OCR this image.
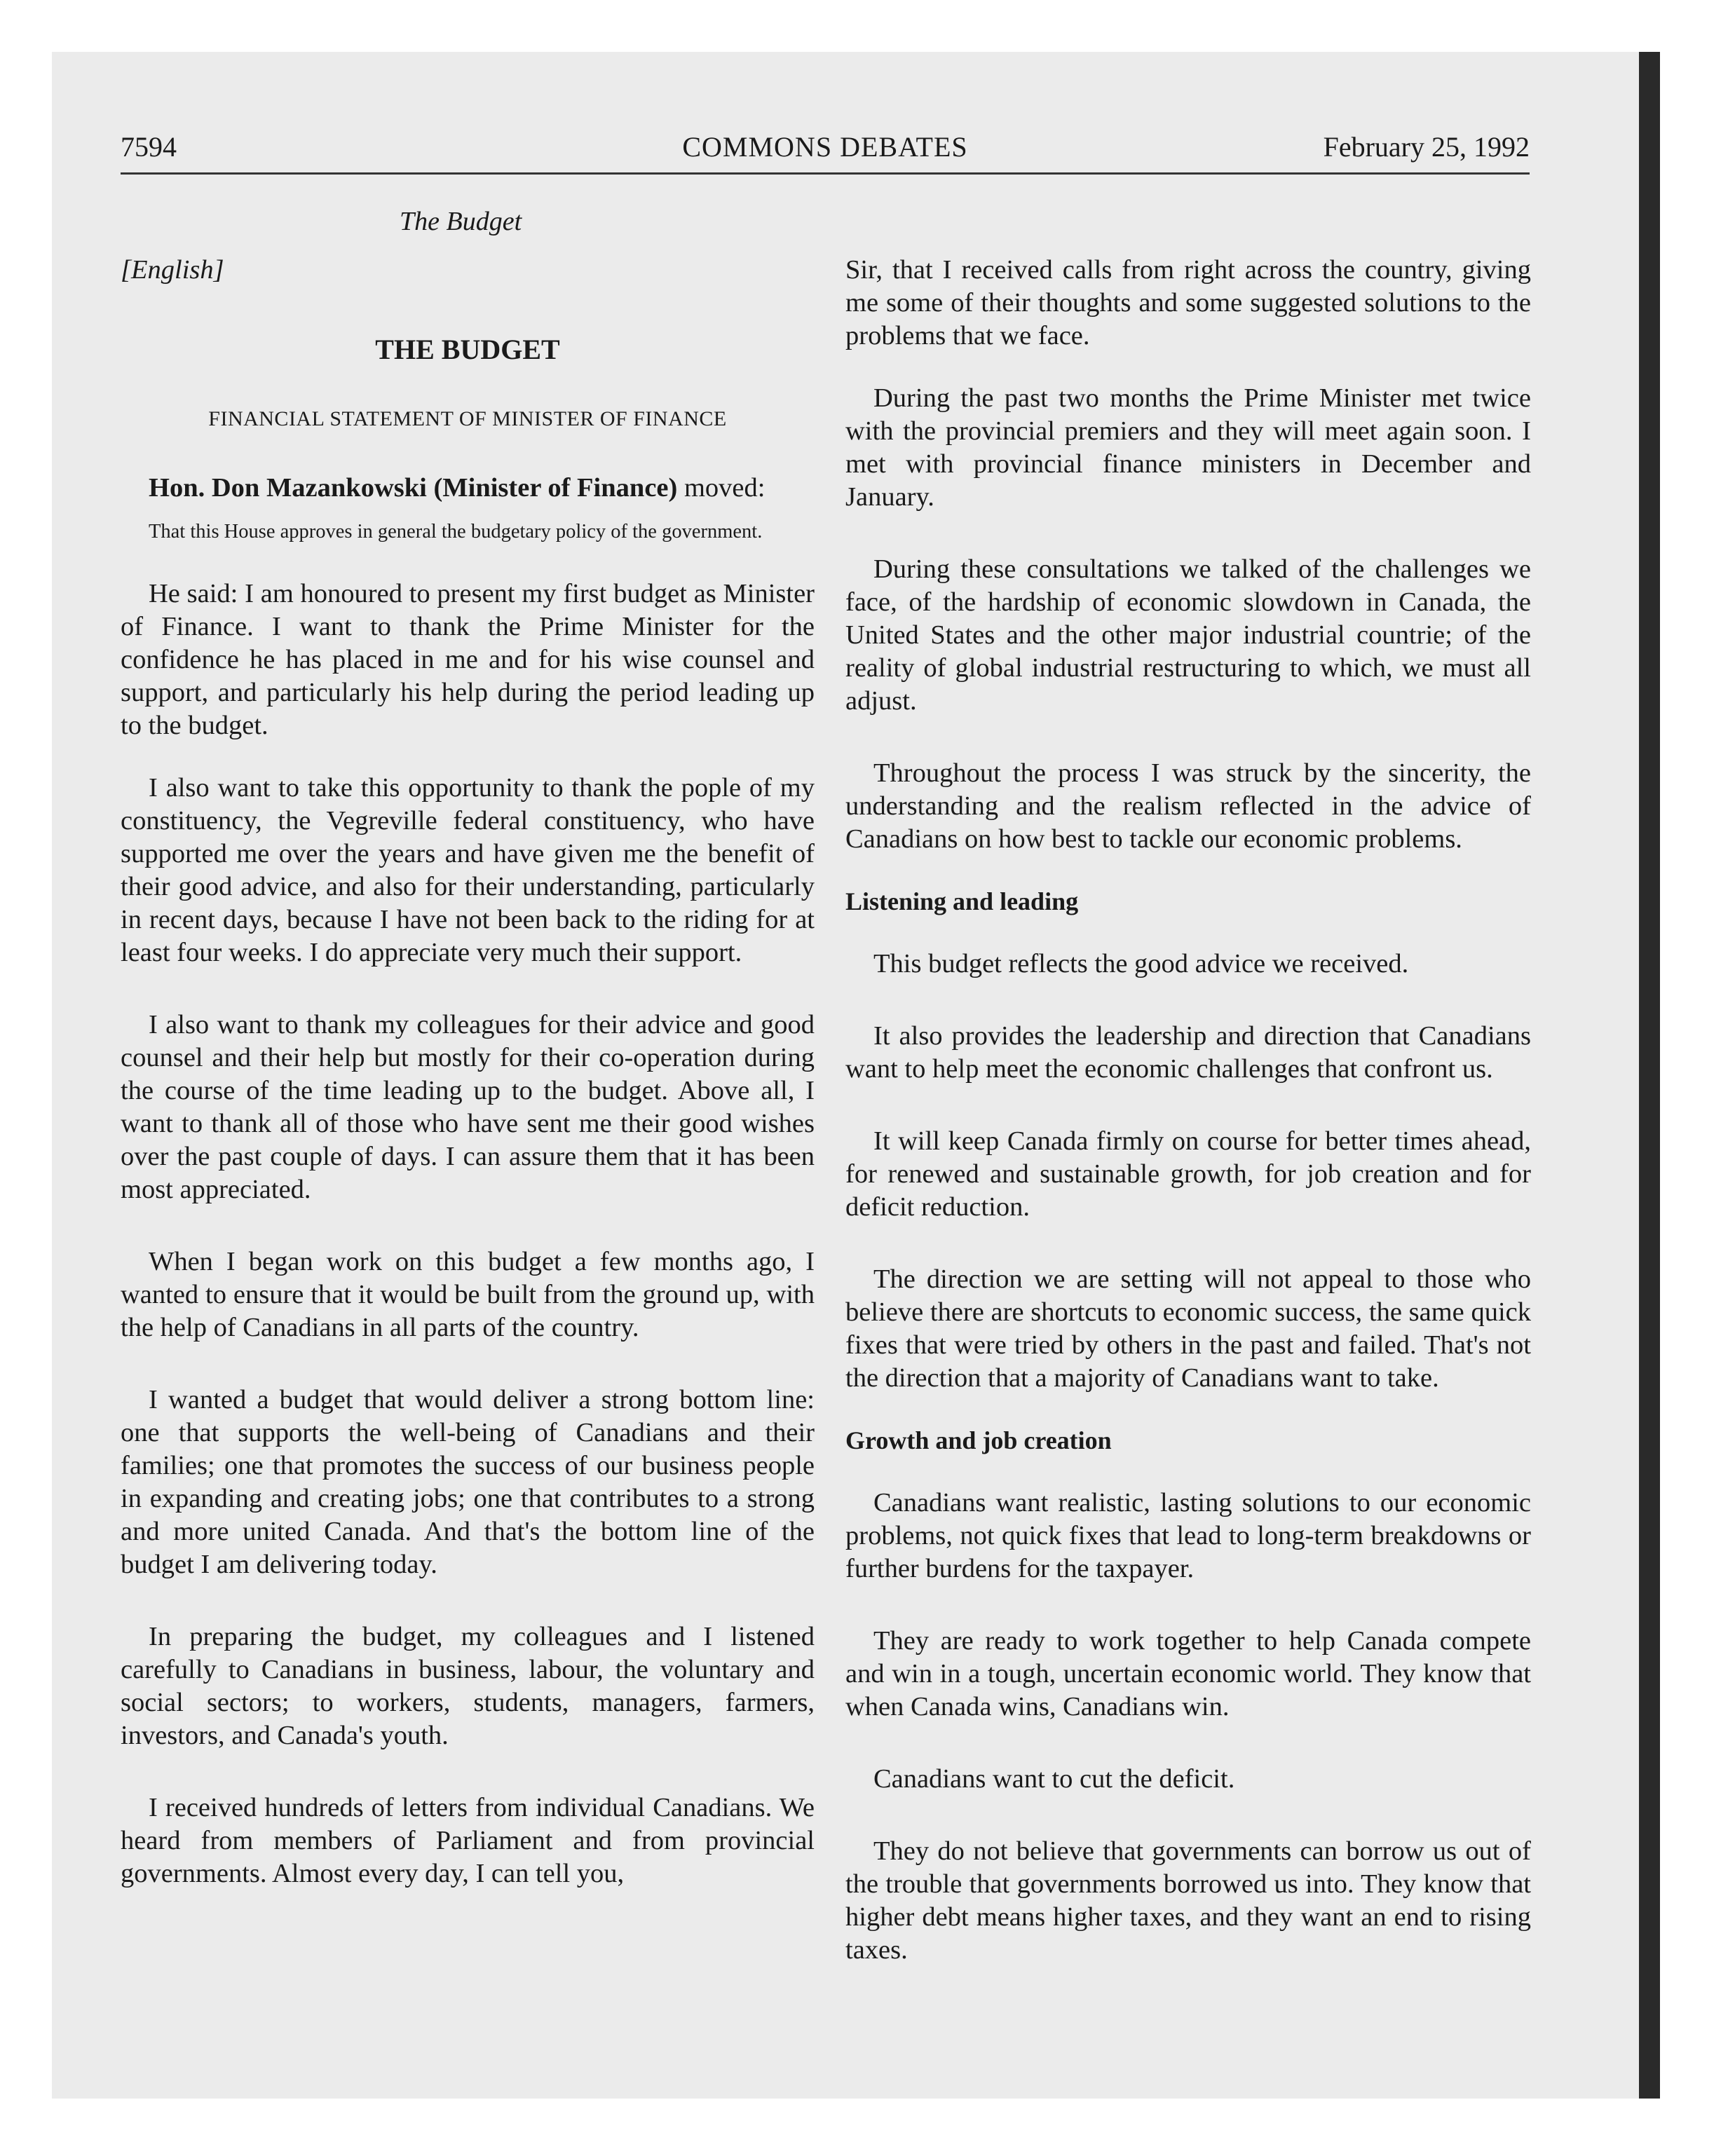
7594	COMMONS DEBATES	February 25, 1992
The Budget
[English]
THE BUDGET
FINANCIAL STATEMENT OF MINISTER OF FINANCE
Hon. Don Mazankowski (Minister of Finance) moved:
That this House approves in general the budgetary policy of the government.

He said: I am honoured to present my first budget as Minister of Finance. I want to thank the Prime Minister for the confidence he has placed in me and for his wise counsel and support, and particularly his help during the period leading up to the budget.

I also want to take this opportunity to thank the pople of my constituency, the Vegreville federal constituency, who have supported me over the years and have given me the benefit of their good advice, and also for their understanding, particularly in recent days, because I have not been back to the riding for at least four weeks. I do appreciate very much their support.

I also want to thank my colleagues for their advice and good counsel and their help but mostly for their co-operation during the course of the time leading up to the budget. Above all, I want to thank all of those who have sent me their good wishes over the past couple of days. I can assure them that it has been most appreciated.

When I began work on this budget a few months ago, I wanted to ensure that it would be built from the ground up, with the help of Canadians in all parts of the country.

I wanted a budget that would deliver a strong bottom line: one that supports the well-being of Canadians and their families; one that promotes the success of our business people in expanding and creating jobs; one that contributes to a strong and more united Canada. And that's the bottom line of the budget I am delivering today.

In preparing the budget, my colleagues and I listened carefully to Canadians in business, labour, the voluntary and social sectors; to workers, students, managers, farmers, investors, and Canada's youth.

I received hundreds of letters from individual Canadians. We heard from members of Parliament and from provincial governments. Almost every day, I can tell you,

Sir, that I received calls from right across the country, giving me some of their thoughts and some suggested solutions to the problems that we face.

During the past two months the Prime Minister met twice with the provincial premiers and they will meet again soon. I met with provincial finance ministers in December and January.

During these consultations we talked of the challenges we face, of the hardship of economic slowdown in Canada, the United States and the other major industrial countrie; of the reality of global industrial restructuring to which, we must all adjust.

Throughout the process I was struck by the sincerity, the understanding and the realism reflected in the advice of Canadians on how best to tackle our economic problems.

Listening and leading

This budget reflects the good advice we received.

It also provides the leadership and direction that Canadians want to help meet the economic challenges that confront us.

It will keep Canada firmly on course for better times ahead, for renewed and sustainable growth, for job creation and for deficit reduction.

The direction we are setting will not appeal to those who believe there are shortcuts to economic success, the same quick fixes that were tried by others in the past and failed. That's not the direction that a majority of Canadians want to take.

Growth and job creation

Canadians want realistic, lasting solutions to our economic problems, not quick fixes that lead to long-term breakdowns or further burdens for the taxpayer.

They are ready to work together to help Canada compete and win in a tough, uncertain economic world. They know that when Canada wins, Canadians win.

Canadians want to cut the deficit.

They do not believe that governments can borrow us out of the trouble that governments borrowed us into. They know that higher debt means higher taxes, and they want an end to rising taxes.
